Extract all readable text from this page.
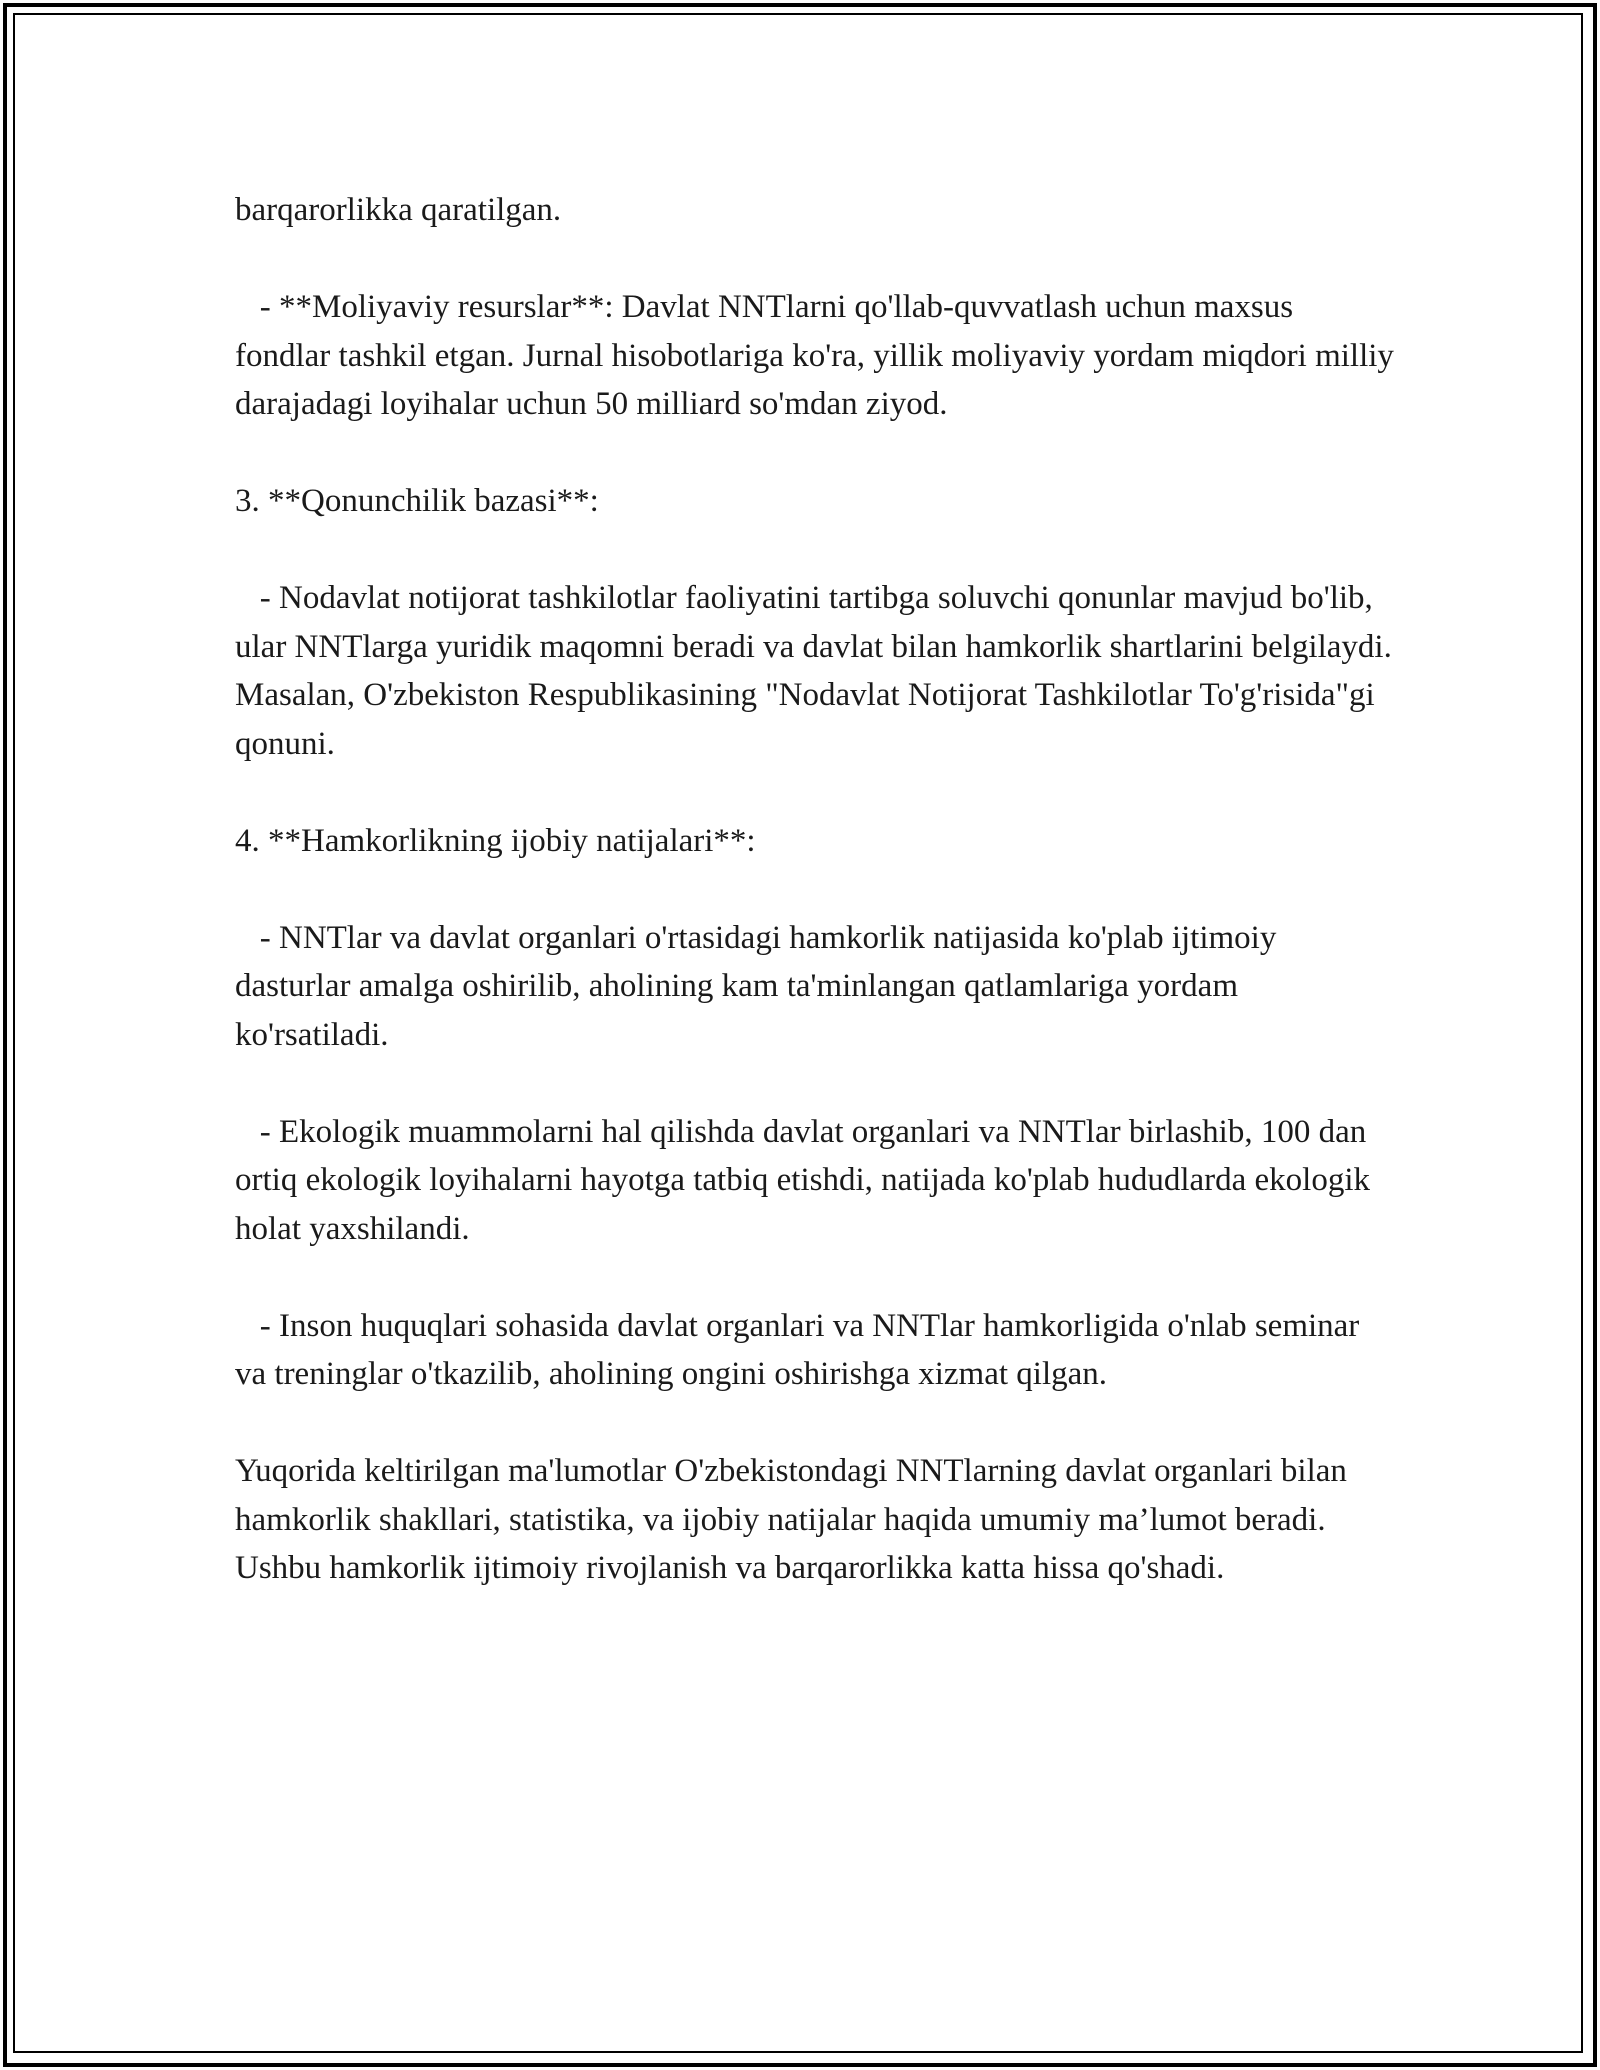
barqarorlikka qaratilgan.

- **Moliyaviy resurslar**: Davlat NNTlarni qo'llab-quvvatlash uchun maxsus fondlar tashkil etgan. Jurnal hisobotlariga ko'ra, yillik moliyaviy yordam miqdori milliy darajadagi loyihalar uchun 50 milliard so'mdan ziyod.

3. **Qonunchilik bazasi**:

- Nodavlat notijorat tashkilotlar faoliyatini tartibga soluvchi qonunlar mavjud bo'lib, ular NNTlarga yuridik maqomni beradi va davlat bilan hamkorlik shartlarini belgilaydi. Masalan, O'zbekiston Respublikasining "Nodavlat Notijorat Tashkilotlar To'g'risida"gi qonuni.

4. **Hamkorlikning ijobiy natijalari**:

- NNTlar va davlat organlari o'rtasidagi hamkorlik natijasida ko'plab ijtimoiy dasturlar amalga oshirilib, aholining kam ta'minlangan qatlamlariga yordam ko'rsatiladi.

- Ekologik muammolarni hal qilishda davlat organlari va NNTlar birlashib, 100 dan ortiq ekologik loyihalarni hayotga tatbiq etishdi, natijada ko'plab hududlarda ekologik holat yaxshilandi.

- Inson huquqlari sohasida davlat organlari va NNTlar hamkorligida o'nlab seminar va treninglar o'tkazilib, aholining ongini oshirishga xizmat qilgan.

Yuqorida keltirilgan ma'lumotlar O'zbekistondagi NNTlarning davlat organlari bilan hamkorlik shakllari, statistika, va ijobiy natijalar haqida umumiy ma’lumot beradi. Ushbu hamkorlik ijtimoiy rivojlanish va barqarorlikka katta hissa qo'shadi.
